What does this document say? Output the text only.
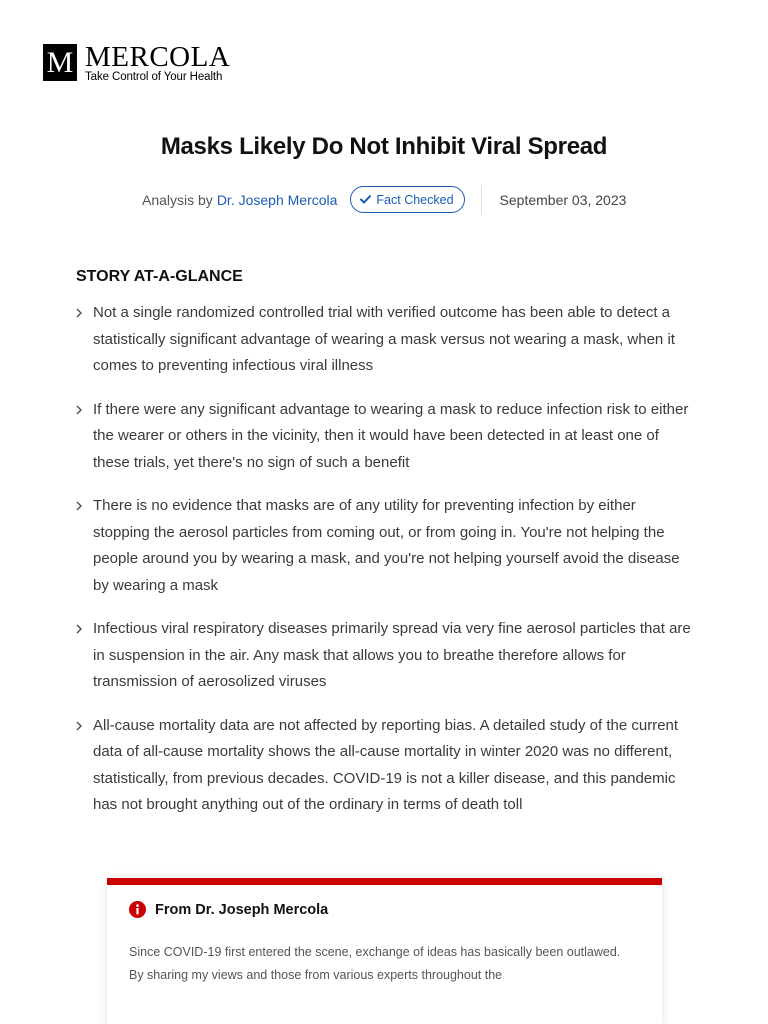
M MERCOLA
Take Control of Your Health
Masks Likely Do Not Inhibit Viral Spread
Analysis by Dr. Joseph Mercola	Fact Checked	September 03, 2023
STORY AT-A-GLANCE
Not a single randomized controlled trial with verified outcome has been able to detect a statistically significant advantage of wearing a mask versus not wearing a mask, when it comes to preventing infectious viral illness
If there were any significant advantage to wearing a mask to reduce infection risk to either the wearer or others in the vicinity, then it would have been detected in at least one of these trials, yet there's no sign of such a benefit
There is no evidence that masks are of any utility for preventing infection by either stopping the aerosol particles from coming out, or from going in. You're not helping the people around you by wearing a mask, and you're not helping yourself avoid the disease by wearing a mask
Infectious viral respiratory diseases primarily spread via very fine aerosol particles that are in suspension in the air. Any mask that allows you to breathe therefore allows for transmission of aerosolized viruses
All-cause mortality data are not affected by reporting bias. A detailed study of the current data of all-cause mortality shows the all-cause mortality in winter 2020 was no different, statistically, from previous decades. COVID-19 is not a killer disease, and this pandemic has not brought anything out of the ordinary in terms of death toll
From Dr. Joseph Mercola

Since COVID-19 first entered the scene, exchange of ideas has basically been outlawed. By sharing my views and those from various experts throughout the
